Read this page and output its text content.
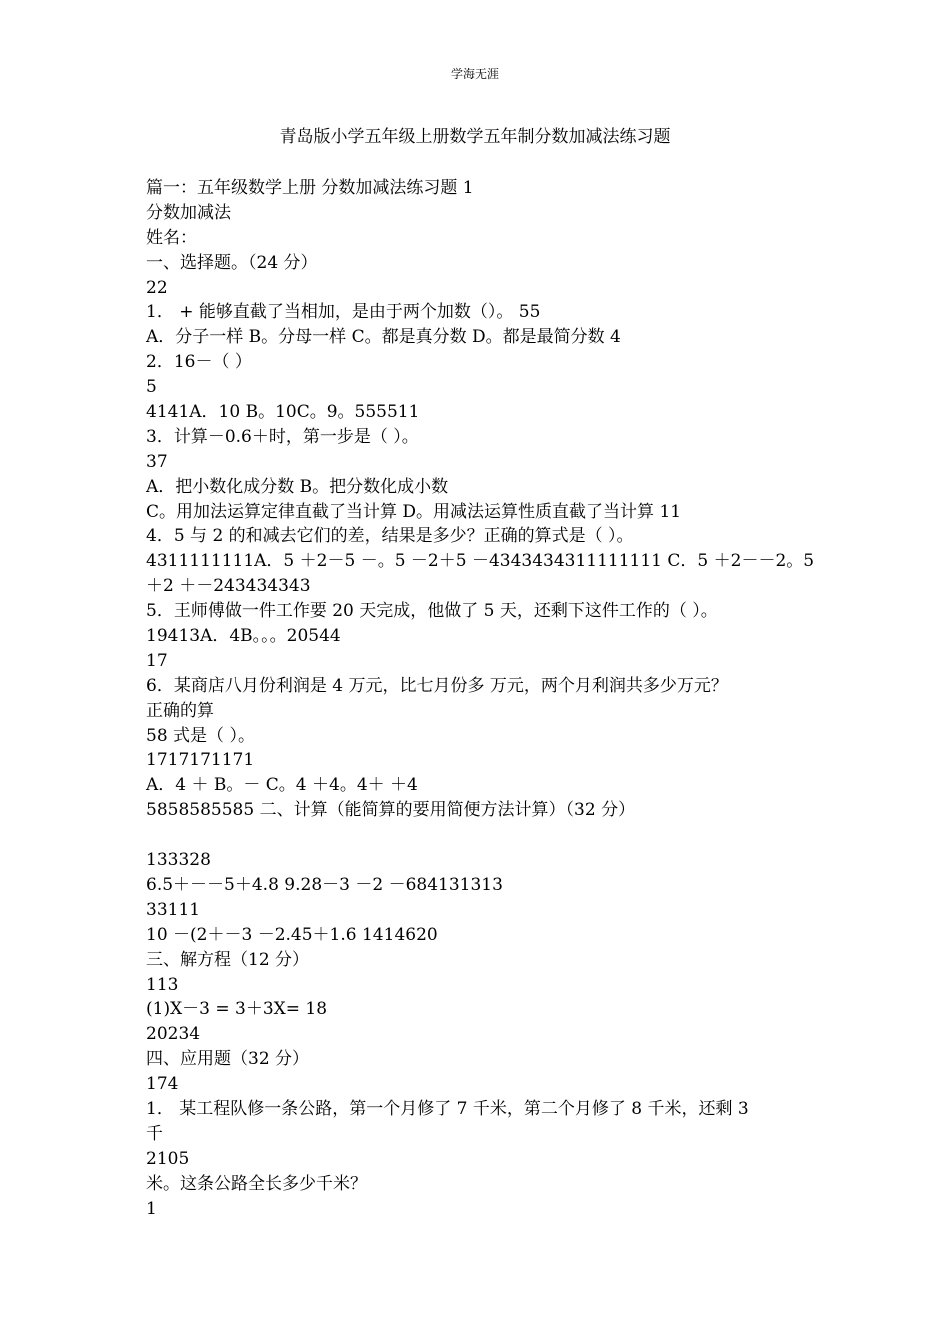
学海无涯
青岛版小学五年级上册数学五年制分数加减法练习题
篇一：五年级数学上册 分数加减法练习题 1
分数加减法
姓名：
一、选择题。（24 分）
22
1． + 能够直截了当相加，是由于两个加数（）。 55
A．分子一样 B。分母一样 C。都是真分数 D。都是最简分数 4
2．16－（ ）
5
4141A．10 B。10C。9。555511
3．计算－0.6＋时，第一步是（ ）。
37
A．把小数化成分数 B。把分数化成小数
C。用加法运算定律直截了当计算 D。用减法运算性质直截了当计算 11
4．5 与 2 的和减去它们的差，结果是多少？正确的算式是（ ）。
4311111111A．5 ＋2－5 －。5 －2＋5 －4343434311111111 C．5 ＋2－－2。5
＋2 ＋－243434343
5．王师傅做一件工作要 20 天完成，他做了 5 天，还剩下这件工作的（ ）。
19413A．4B。。。20544
17
6．某商店八月份利润是 4 万元，比七月份多 万元，两个月利润共多少万元？
正确的算
58 式是（ ）。
1717171171
A．4 ＋ B。－ C。4 ＋4。4＋ ＋4
5858585585 二、计算（能简算的要用简便方法计算）（32 分）
133328
6.5＋－－5＋4.8 9.28－3 －2 －684131313
33111
10 －(2＋－3 －2.45＋1.6 1414620
三、解方程（12 分）
113
(1)X－3 = 3＋3X= 18
20234
四、应用题（32 分）
174
1． 某工程队修一条公路，第一个月修了 7 千米，第二个月修了 8 千米，还剩 3
千
2105
米。这条公路全长多少千米？
1
